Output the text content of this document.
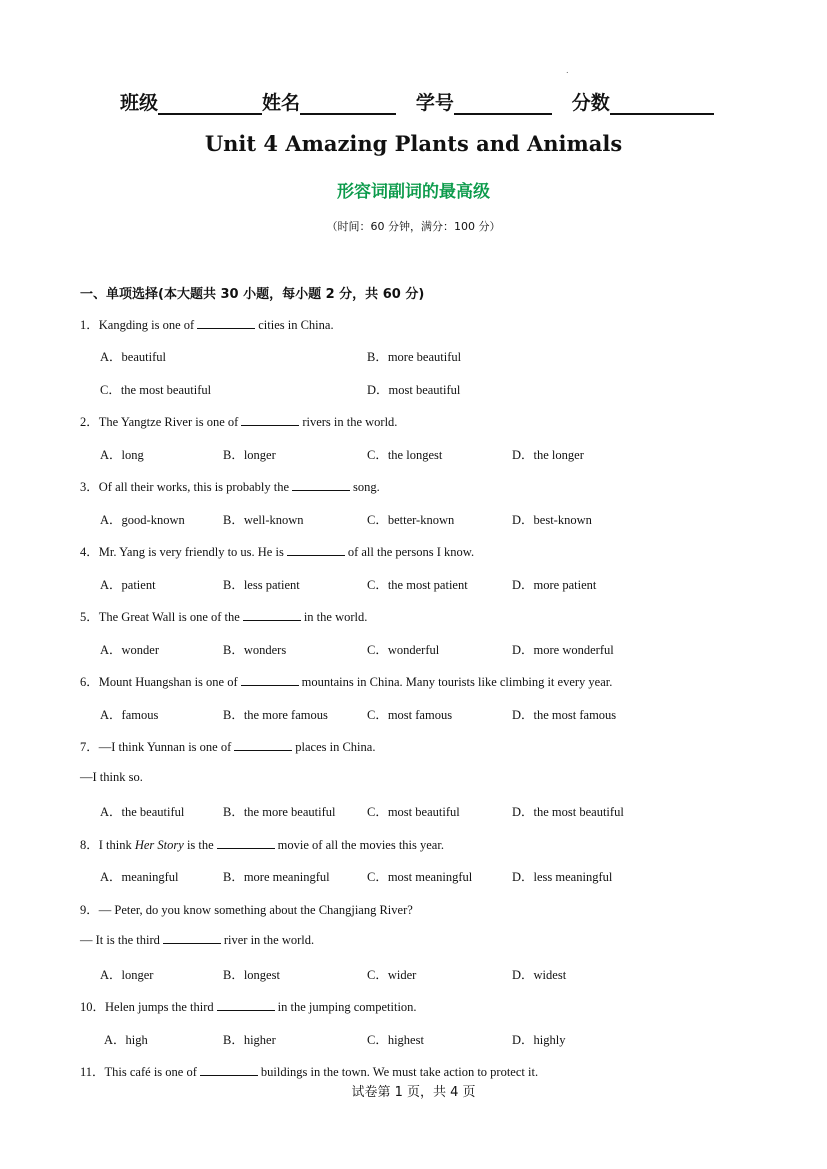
.
班级	姓名	学号	分数
Unit 4 Amazing Plants and Animals
形容词副词的最高级
（时间：60 分钟，满分：100 分）
一、单项选择(本大题共 30 小题，每小题 2 分，共 60 分)
1．Kangding is one of	cities in China.
A．beautiful	B．more beautiful
C．the most beautiful	D．most beautiful
2．The Yangtze River is one of	rivers in the world.
A．long	B．longer	C．the longest	D．the longer
3．Of all their works, this is probably the	song.
A．good-known	B．well-known	C．better-known	D．best-known
4．Mr. Yang is very friendly to us. He is	of all the persons I know.
A．patient	B．less patient	C．the most patient	D．more patient
5．The Great Wall is one of the	in the world.
A．wonder	B．wonders	C．wonderful	D．more wonderful
6．Mount Huangshan is one of	mountains in China. Many tourists like climbing it every year.
A．famous	B．the more famous	C．most famous	D．the most famous
7．—I think Yunnan is one of	places in China.
—I think so.
A．the beautiful	B．the more beautiful	C．most beautiful	D．the most beautiful
8．I think Her Story is the	movie of all the movies this year.
A．meaningful	B．more meaningful	C．most meaningful	D．less meaningful
9．— Peter, do you know something about the Changjiang River?
— It is the third	river in the world.
A．longer	B．longest	C．wider	D．widest
10．Helen jumps the third	in the jumping competition.
A．high	B．higher	C．highest	D．highly
11．This café is one of	buildings in the town. We must take action to protect it.
试卷第 1 页，共 4 页
